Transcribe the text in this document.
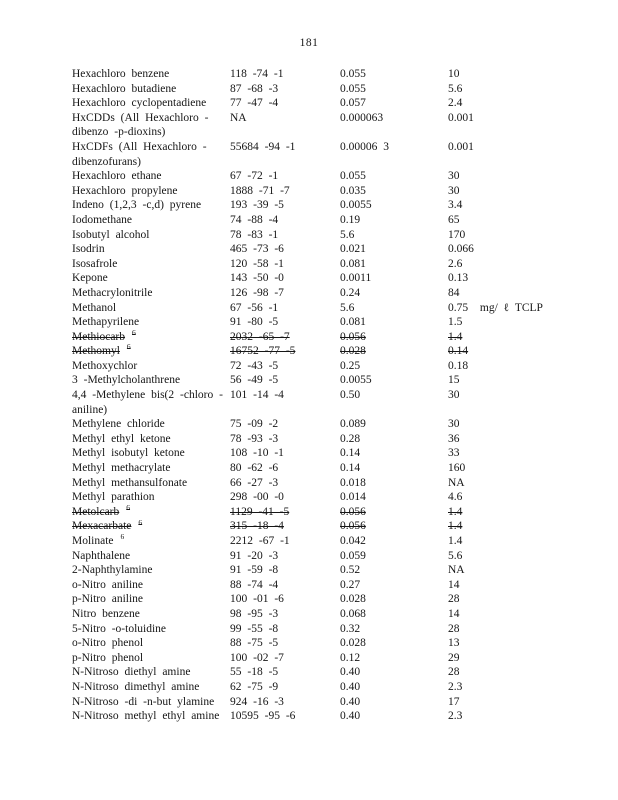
181
Hexachloro benzene	118 -74 -1	0.055	10
Hexachloro butadiene	87 -68 -3	0.055	5.6
Hexachloro cyclopentadiene	77 -47 -4	0.057	2.4
HxCDDs (All Hexachloro -
dibenzo -p-dioxins)
NA	0.000063	0.001
HxCDFs (All Hexachloro -
dibenzofurans)
55684 -94 -1	0.00006 3	0.001
Hexachloro ethane	67 -72 -1	0.055	30
Hexachloro propylene	1888 -71 -7	0.035	30
Indeno (1,2,3 -c,d) pyrene	193 -39 -5	0.0055	3.4
Iodomethane	74 -88 -4	0.19	65
Isobutyl alcohol	78 -83 -1	5.6	170
Isodrin	465 -73 -6	0.021	0.066
Isosafrole	120 -58 -1	0.081	2.6
Kepone	143 -50 -0	0.0011	0.13
Methacrylonitrile	126 -98 -7	0.24	84
Methanol	67 -56 -1	5.6	0.75  mg/ ℓ TCLP
Methapyrilene	91 -80 -5	0.081	1.5
Methiocarb $^6$	2032 -65 -7	0.056	1.4
Methomyl $^6$	16752 -77 -5	0.028	0.14
Methoxychlor	72 -43 -5	0.25	0.18
3 -Methylcholanthrene	56 -49 -5	0.0055	15
4,4 -Methylene bis(2 -chloro -
aniline)
101 -14 -4	0.50	30
Methylene chloride	75 -09 -2	0.089	30
Methyl ethyl ketone	78 -93 -3	0.28	36
Methyl isobutyl ketone	108 -10 -1	0.14	33
Methyl methacrylate	80 -62 -6	0.14	160
Methyl methansulfonate	66 -27 -3	0.018	NA
Methyl parathion	298 -00 -0	0.014	4.6
Metolcarb $^6$	1129 -41 -5	0.056	1.4
Mexacarbate $^6$	315 -18 -4	0.056	1.4
Molinate $^6$	2212 -67 -1	0.042	1.4
Naphthalene	91 -20 -3	0.059	5.6
2-Naphthylamine	91 -59 -8	0.52	NA
o-Nitro aniline	88 -74 -4	0.27	14
p-Nitro aniline	100 -01 -6	0.028	28
Nitro benzene	98 -95 -3	0.068	14
5-Nitro -o-toluidine	99 -55 -8	0.32	28
o-Nitro phenol	88 -75 -5	0.028	13
p-Nitro phenol	100 -02 -7	0.12	29
N-Nitroso diethyl amine	55 -18 -5	0.40	28
N-Nitroso dimethyl amine	62 -75 -9	0.40	2.3
N-Nitroso -di -n-but ylamine	924 -16 -3	0.40	17
N-Nitroso methyl ethyl amine 10595 -95 -6	0.40	2.3
